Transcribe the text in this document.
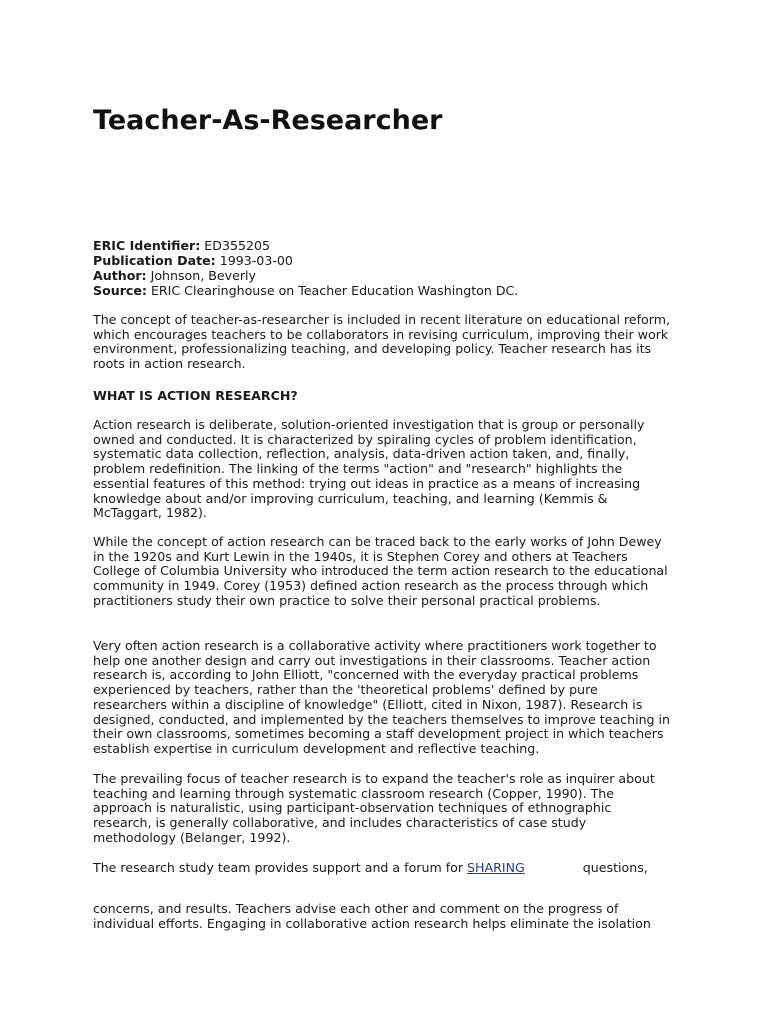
Teacher-As-Researcher
ERIC Identifier: ED355205
Publication Date: 1993-03-00
Author: Johnson, Beverly
Source: ERIC Clearinghouse on Teacher Education Washington DC.

The concept of teacher-as-researcher is included in recent literature on educational reform, which encourages teachers to be collaborators in revising curriculum, improving their work environment, professionalizing teaching, and developing policy. Teacher research has its roots in action research.

WHAT IS ACTION RESEARCH?

Action research is deliberate, solution-oriented investigation that is group or personally owned and conducted. It is characterized by spiraling cycles of problem identification, systematic data collection, reflection, analysis, data-driven action taken, and, finally, problem redefinition. The linking of the terms "action" and "research" highlights the essential features of this method: trying out ideas in practice as a means of increasing knowledge about and/or improving curriculum, teaching, and learning (Kemmis & McTaggart, 1982).

While the concept of action research can be traced back to the early works of John Dewey in the 1920s and Kurt Lewin in the 1940s, it is Stephen Corey and others at Teachers College of Columbia University who introduced the term action research to the educational community in 1949. Corey (1953) defined action research as the process through which practitioners study their own practice to solve their personal practical problems.

Very often action research is a collaborative activity where practitioners work together to help one another design and carry out investigations in their classrooms. Teacher action research is, according to John Elliott, "concerned with the everyday practical problems experienced by teachers, rather than the 'theoretical problems' defined by pure researchers within a discipline of knowledge" (Elliott, cited in Nixon, 1987). Research is designed, conducted, and implemented by the teachers themselves to improve teaching in their own classrooms, sometimes becoming a staff development project in which teachers establish expertise in curriculum development and reflective teaching.

The prevailing focus of teacher research is to expand the teacher's role as inquirer about teaching and learning through systematic classroom research (Copper, 1990). The approach is naturalistic, using participant-observation techniques of ethnographic research, is generally collaborative, and includes characteristics of case study methodology (Belanger, 1992).

The research study team provides support and a forum for SHARING	questions,

concerns, and results. Teachers advise each other and comment on the progress of individual efforts. Engaging in collaborative action research helps eliminate the isolation
